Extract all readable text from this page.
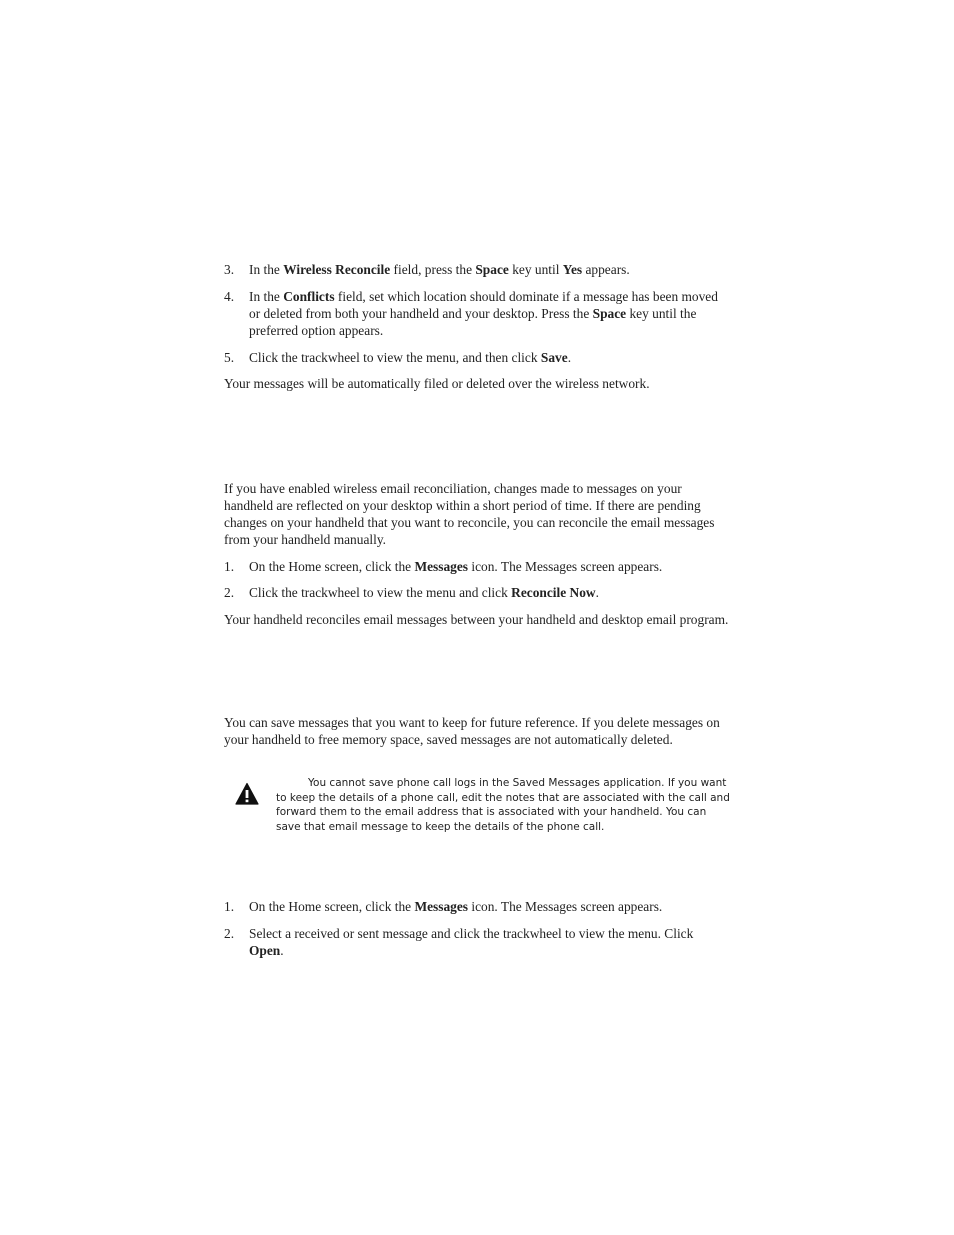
3.	In the Wireless Reconcile field, press the Space key until Yes appears.
4.	In the Conflicts field, set which location should dominate if a message has been moved or deleted from both your handheld and your desktop. Press the Space key until the preferred option appears.
5.	Click the trackwheel to view the menu, and then click Save.

Your messages will be automatically filed or deleted over the wireless network.

If you have enabled wireless email reconciliation, changes made to messages on your handheld are reflected on your desktop within a short period of time. If there are pending changes on your handheld that you want to reconcile, you can reconcile the email messages from your handheld manually.

1.	On the Home screen, click the Messages icon. The Messages screen appears.
2.	Click the trackwheel to view the menu and click Reconcile Now.

Your handheld reconciles email messages between your handheld and desktop email program.

You can save messages that you want to keep for future reference. If you delete messages on your handheld to free memory space, saved messages are not automatically deleted.

You cannot save phone call logs in the Saved Messages application. If you want to keep the details of a phone call, edit the notes that are associated with the call and forward them to the email address that is associated with your handheld. You can save that email message to keep the details of the phone call.
1.	On the Home screen, click the Messages icon. The Messages screen appears.
2.	Select a received or sent message and click the trackwheel to view the menu. Click Open.
